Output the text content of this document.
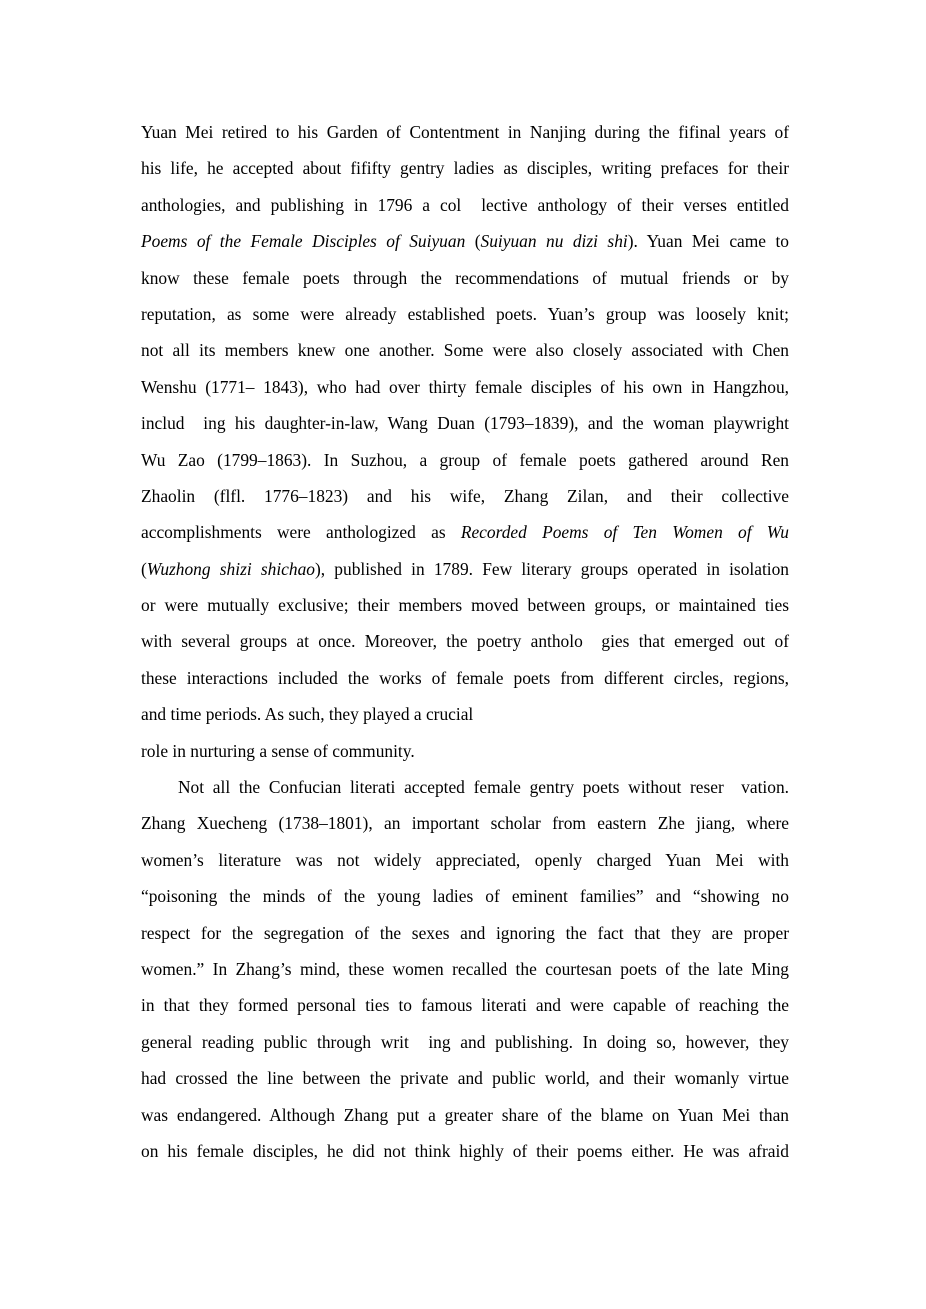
Yuan Mei retired to his Garden of Contentment in Nanjing during the fifinal years of
his life, he accepted about fififty gentry ladies as disciples, writing prefaces for their
anthologies, and publishing in 1796 a col  lective anthology of their verses entitled
Poems of the Female Disciples of Suiyuan (Suiyuan nu dizi shi). Yuan Mei came to
know these female poets through the recommendations of mutual friends or by
reputation, as some were already established poets. Yuan’s group was loosely knit;
not all its members knew one another. Some were also closely associated with Chen
Wenshu (1771– 1843), who had over thirty female disciples of his own in Hangzhou,
includ  ing his daughter-in-law, Wang Duan (1793–1839), and the woman playwright
Wu Zao (1799–1863). In Suzhou, a group of female poets gathered around Ren
Zhaolin (flfl. 1776–1823) and his wife, Zhang Zilan, and their collective
accomplishments were anthologized as Recorded Poems of Ten Women of Wu
(Wuzhong shizi shichao), published in 1789. Few literary groups operated in isolation
or were mutually exclusive; their members moved between groups, or maintained ties
with several groups at once. Moreover, the poetry antholo  gies that emerged out of
these interactions included the works of female poets from different circles, regions,
and time periods. As such, they played a crucial
role in nurturing a sense of community.
Not all the Confucian literati accepted female gentry poets without reser  vation.
Zhang Xuecheng (1738–1801), an important scholar from eastern Zhe jiang, where
women’s literature was not widely appreciated, openly charged Yuan Mei with
“poisoning the minds of the young ladies of eminent families” and “showing no
respect for the segregation of the sexes and ignoring the fact that they are proper
women.” In Zhang’s mind, these women recalled the courtesan poets of the late Ming
in that they formed personal ties to famous literati and were capable of reaching the
general reading public through writ  ing and publishing. In doing so, however, they
had crossed the line between the private and public world, and their womanly virtue
was endangered. Although Zhang put a greater share of the blame on Yuan Mei than
on his female disciples, he did not think highly of their poems either. He was afraid
